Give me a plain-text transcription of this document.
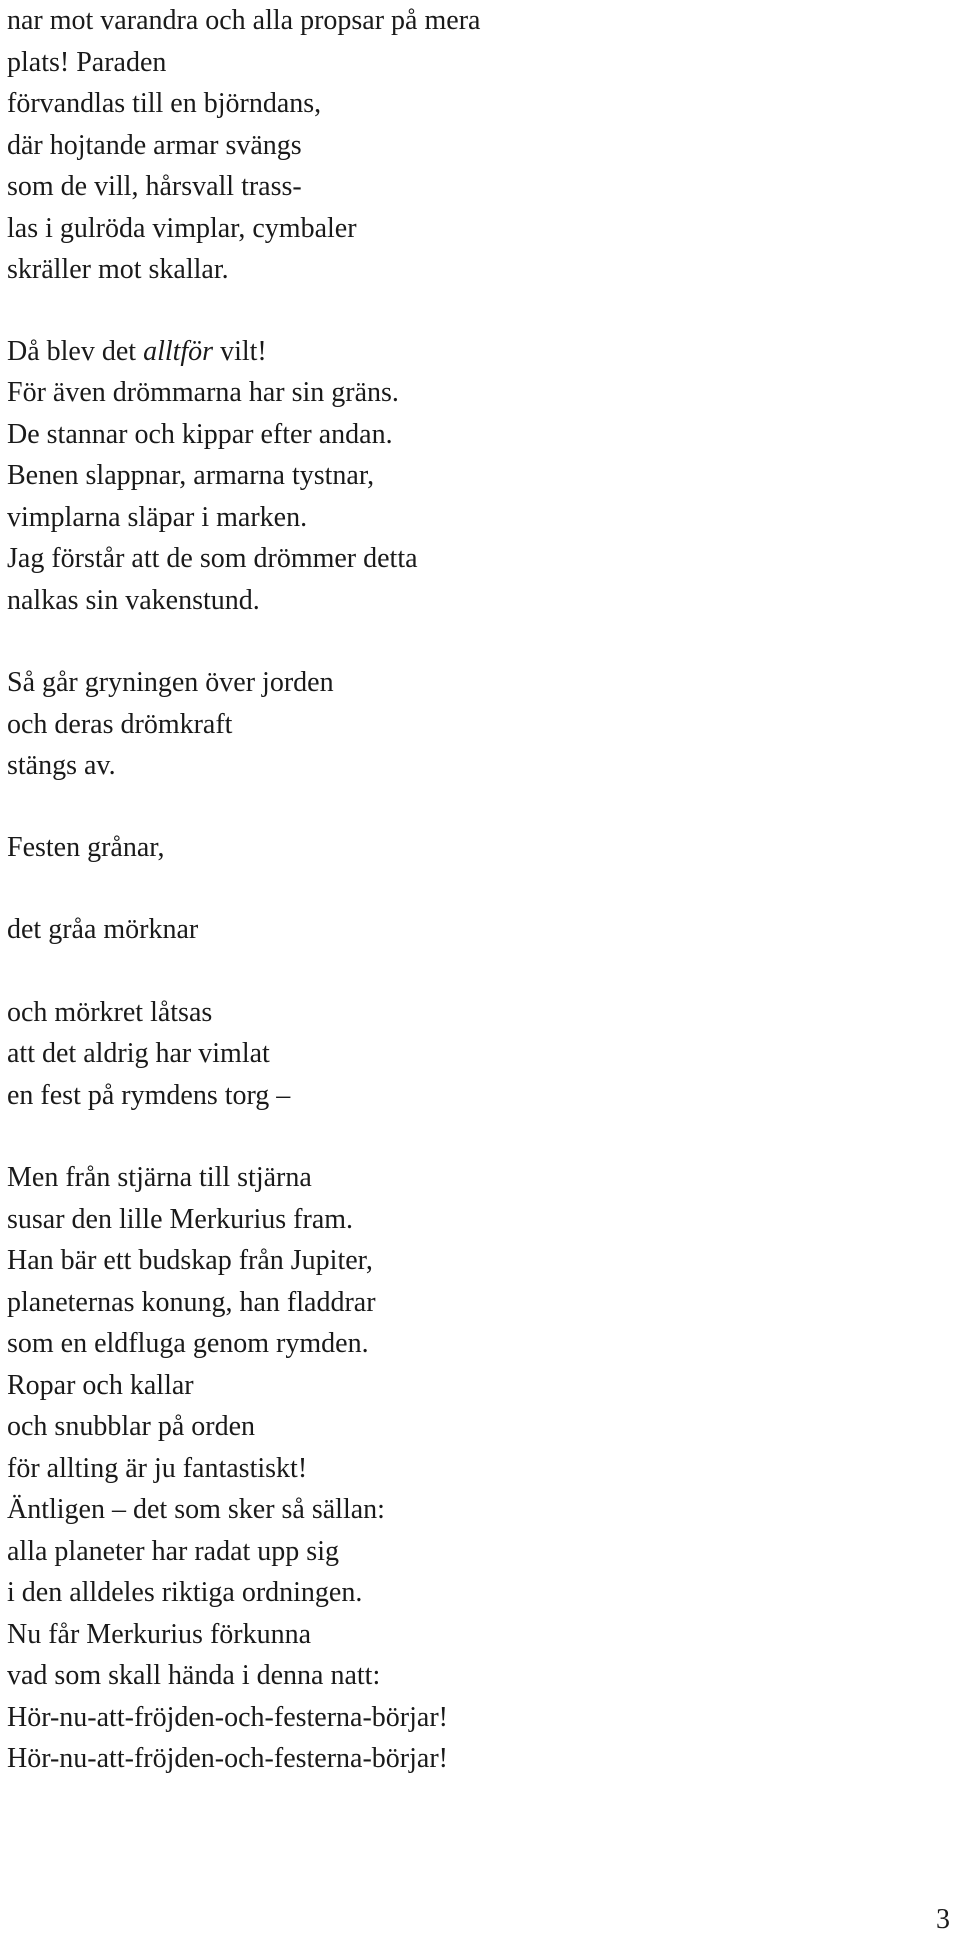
nar mot varandra och alla propsar på mera
plats! Paraden
förvandlas till en björndans,
där hojtande armar svängs
som de vill, hårsvall trass-
las i gulröda vimplar, cymbaler
skräller mot skallar.
Då blev det alltför vilt!
För även drömmarna har sin gräns.
De stannar och kippar efter andan.
Benen slappnar, armarna tystnar,
vimplarna släpar i marken.
Jag förstår att de som drömmer detta
nalkas sin vakenstund.
Så går gryningen över jorden
och deras drömkraft
stängs av.
Festen grånar,
det gråa mörknar
och mörkret låtsas
att det aldrig har vimlat
en fest på rymdens torg –
Men från stjärna till stjärna
susar den lille Merkurius fram.
Han bär ett budskap från Jupiter,
planeternas konung, han fladdrar
som en eldfluga genom rymden.
Ropar och kallar
och snubblar på orden
för allting är ju fantastiskt!
Äntligen – det som sker så sällan:
alla planeter har radat upp sig
i den alldeles riktiga ordningen.
Nu får Merkurius förkunna
vad som skall hända i denna natt:
Hör-nu-att-fröjden-och-festerna-börjar!
Hör-nu-att-fröjden-och-festerna-börjar!
3
